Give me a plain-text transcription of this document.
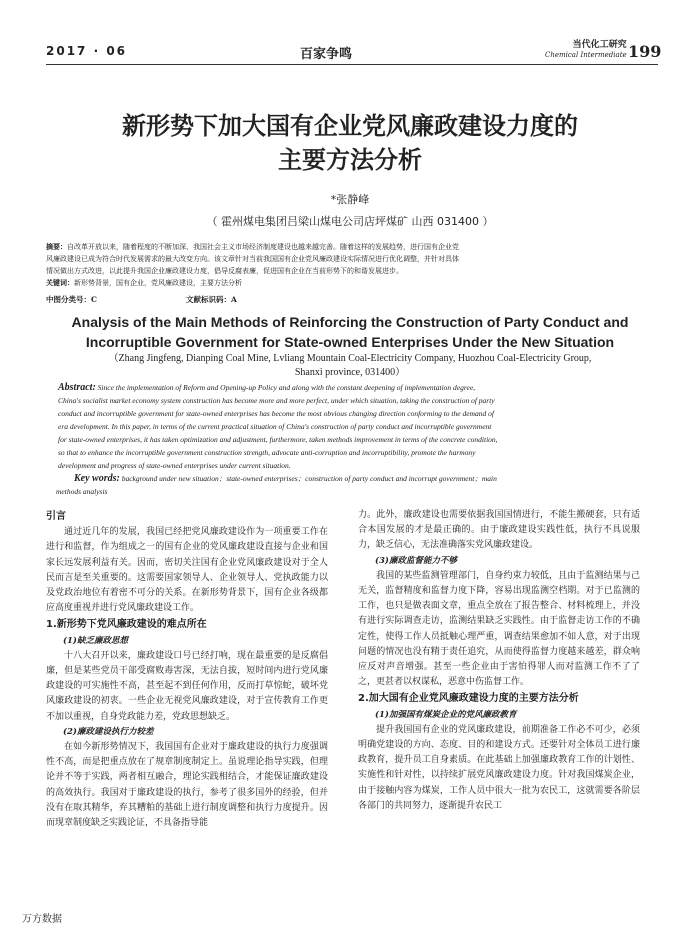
2017 · 06	百家争鸣
当代化工研究
Chemical Intermediate 199
新形势下加大国有企业党风廉政建设力度的
主要方法分析
*张静峰
（ 霍州煤电集团吕梁山煤电公司店坪煤矿 山西 031400 ）
摘要：自改革开放以来，随着程度的不断加深、我国社会主义市场经济制度建设也越来越完善。随着这样的发展趋势，进行国有企业党
风廉政建设已成为符合时代发展需求的最大改变方向。该文章针对当前我国国有企业党风廉政建设实际情况进行优化调整，并针对具体
情况做出方式改进，以此提升我国企业廉政建设力度，倡导反腐表廉，促进国有企业在当前形势下的和谐发展进步。
关键词：新形势背景，国有企业，党风廉政建设，主要方法分析
中图分类号：C	文献标识码：A
Analysis of the Main Methods of Reinforcing the Construction of Party Conduct and
Incorruptible Government for State-owned Enterprises Under the New Situation
（Zhang Jingfeng, Dianping Coal Mine, Lvliang Mountain Coal-Electricity Company, Huozhou Coal-Electricity Group,
Shanxi province, 031400）
Abstract: Since the implementation of Reform and Opening-up Policy and along with the constant deepening of implementation degree,
China's socialist market economy system construction has become more and more perfect, under which situation, taking the construction of party
conduct and incorruptible government for state-owned enterprises has become the most obvious changing direction conforming to the demand of
era development. In this paper, in terms of the current practical situation of China's construction of party conduct and incorruptible government
for state-owned enterprises, it has taken optimization and adjustment, furthermore, taken methods improvement in terms of the concrete condition,
so that to enhance the incorruptible government construction strength, advocate anti-corruption and incorruptibility, promote the harmony
development and progress of state-owned enterprises under current situation.
Key words: background under new situation；state-owned enterprises；construction of party conduct and incorrupt government；main
methods analysis
引言

通过近几年的发展，我国已经把党风廉政建设作为一项重要工作在进行和监督，作为组成之一的国有企业的党风廉政建设直接与企业和国家长远发展利益有关。因而，密切关注国有企业党风廉政建设对于全人民而言是至关重要的。这需要国家领导人、企业领导人、党执政能力以及党政治地位有着密不可分的关系。在新形势背景下，国有企业各级都应高度重视并进行党风廉政建设工作。

1.新形势下党风廉政建设的难点所在
(1)缺乏廉政思想

十八大召开以来，廉政建设口号已经打响，现在最重要的是反腐倡廉，但是某些党员干部受腐败毒害深，无法自拔，短时间内进行党风廉政建设的可实施性不高，甚至起不到任何作用，反而打草惊蛇，破坏党风廉政建设的初衷。一些企业无视党风廉政建设，对于宣传教育工作更不加以重视，自身党政能力差，党政思想缺乏。

(2)廉政建设执行力较差

在如今新形势情况下，我国国有企业对于廉政建设的执行力度强调性不高，而是把重点放在了规章制度制定上。虽说理论指导实践，但理论并不等于实践，两者相互融合，理论实践相结合，才能保证廉政建设的高效执行。我国对于廉政建设的执行，参考了很多国外的经验，但并没有在取其精华，弃其糟粕的基础上进行制度调整和执行力度提升。因而现章制度缺乏实践论证，不具备指导能

力。此外，廉政建设也需要依据我国国情进行，不能生搬硬套，只有适合本国发展的才是最正确的。由于廉政建设实践性低，执行不具说服力，缺乏信心，无法准确落实党风廉政建设。

(3)廉政监督能力不够

我国的某些监测管理部门，自身约束力较低，且由于监测结果与己无关，监督精度和监督力度下降，容易出现监测空档期。对于已监测的工作，也只是做表面文章，重点全放在了报告整合、材料梳理上，并没有进行实际调查走访，监测结果缺乏实践性。由于监督走访工作的不确定性，使得工作人员抵触心理严重，调查结果愈加不如人意，对于出现问题的情况也没有精于责任追究，从而使得监督力度越来越差，群众响应反对声音增强。甚至一些企业由于害怕得罪人而对监测工作不了了之，更甚者以权谋私，恶意中伤监督工作。

2.加大国有企业党风廉政建设力度的主要方法分析
(1)加强国有煤炭企业的党风廉政教育

提升我国国有企业的党风廉政建设，前期准备工作必不可少，必须明确党建设的方向、态度、目的和建设方式。还要针对全体员工进行廉政教育，提升员工自身素质。在此基础上加强廉政教育工作的计划性、实施性和针对性，以持续扩展党风廉政建设力度。针对我国煤炭企业，由于接触内容为煤炭，工作人员中很大一批为农民工，这就需要各阶层各部门的共同努力，逐渐提升农民工

万方数据
